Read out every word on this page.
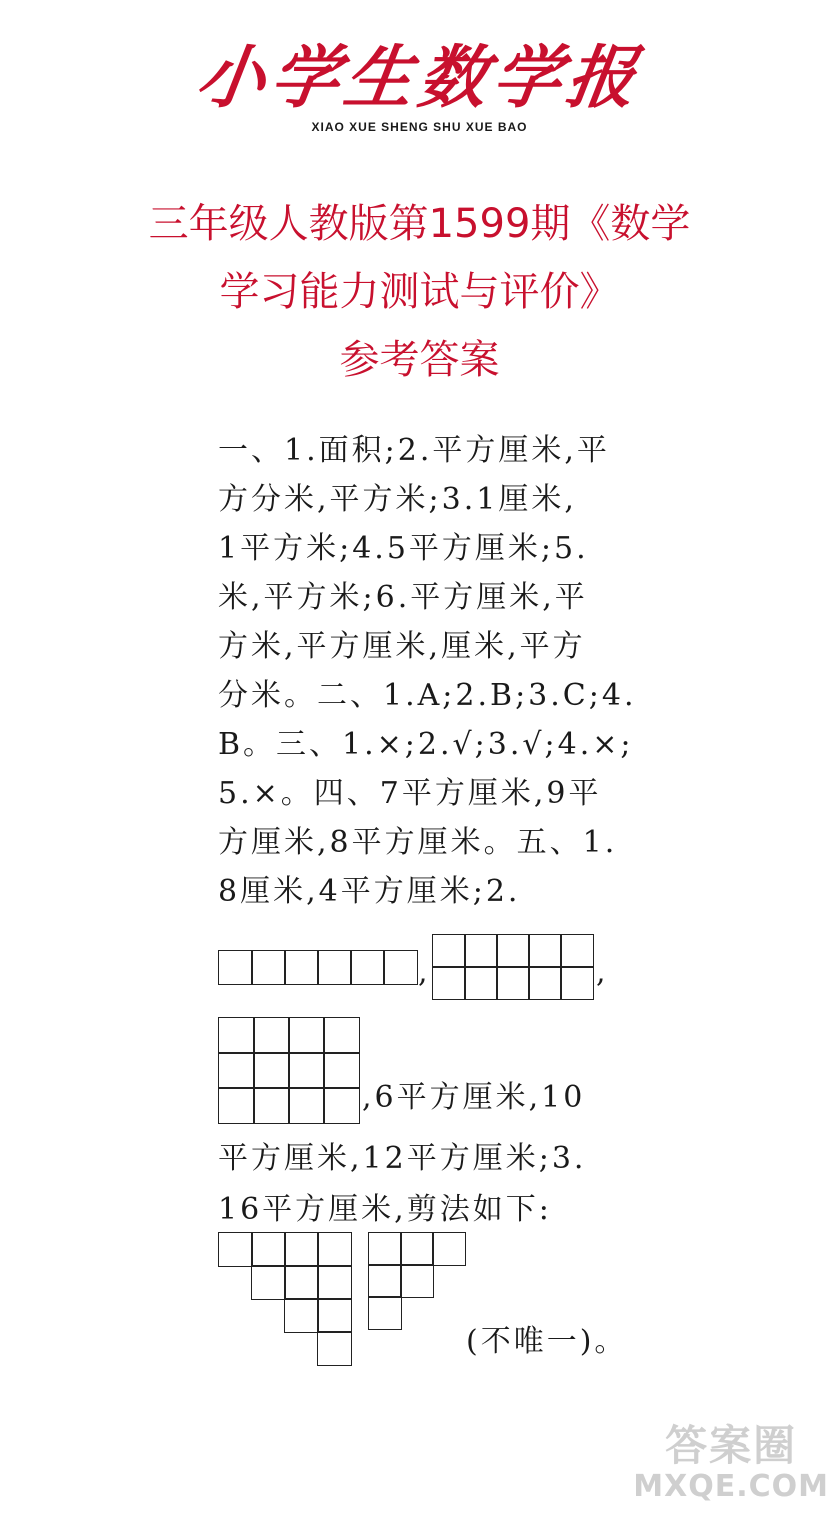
小学生数学报
XIAO XUE SHENG SHU XUE BAO
三年级人教版第1599期《数学
学习能力测试与评价》
参考答案

一、1.面积;2.平方厘米,平

方分米,平方米;3.1厘米,

1平方米;4.5平方厘米;5.

米,平方米;6.平方厘米,平

方米,平方厘米,厘米,平方

分米。二、1.A;2.B;3.C;4.

B。三、1.×;2.√;3.√;4.×;

5.×。四、7平方厘米,9平

方厘米,8平方厘米。五、1.

8厘米,4平方厘米;2.

,	,
,6平方厘米,10
平方厘米,12平方厘米;3.
16平方厘米,剪法如下:
(不唯一)。
答案圈
MXQE.COM
